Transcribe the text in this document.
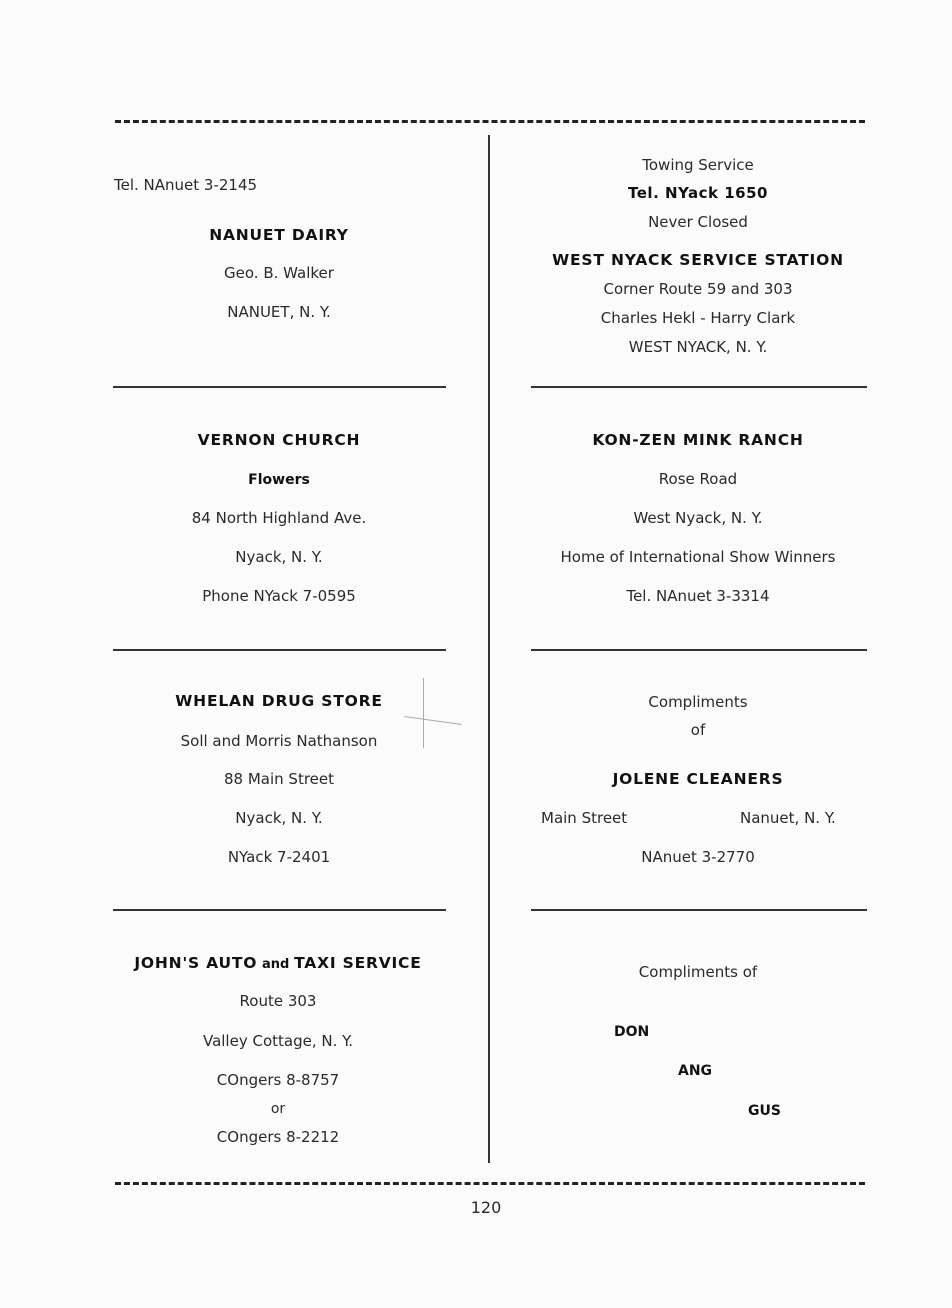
Tel. NAnuet 3-2145
NANUET DAIRY
Geo. B. Walker
NANUET, N. Y.
VERNON CHURCH
Flowers
84 North Highland Ave.
Nyack, N. Y.
Phone NYack 7-0595
WHELAN DRUG STORE
Soll and Morris Nathanson
88 Main Street
Nyack, N. Y.
NYack 7-2401
JOHN'S AUTO and TAXI SERVICE
Route 303
Valley Cottage, N. Y.
COngers 8-8757
or
COngers 8-2212
Towing Service
Tel. NYack 1650
Never Closed
WEST NYACK SERVICE STATION
Corner Route 59 and 303
Charles Hekl - Harry Clark
WEST NYACK, N. Y.
KON-ZEN MINK RANCH
Rose Road
West Nyack, N. Y.
Home of International Show Winners
Tel. NAnuet 3-3314
Compliments
of
JOLENE CLEANERS
Main Street	Nanuet, N. Y.
NAnuet 3-2770
Compliments of
DON
ANG
GUS
120
